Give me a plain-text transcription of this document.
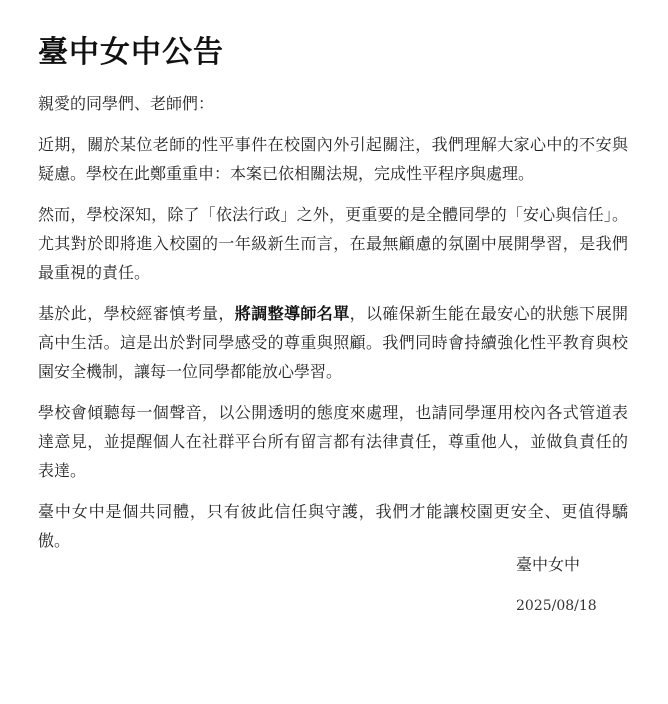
臺中女中公告

親愛的同學們、老師們：

近期，關於某位老師的性平事件在校園內外引起關注，我們理解大家心中的不安與疑慮。學校在此鄭重重申：本案已依相關法規，完成性平程序與處理。

然而，學校深知，除了「依法行政」之外，更重要的是全體同學的「安心與信任」。尤其對於即將進入校園的一年級新生而言，在最無顧慮的氛圍中展開學習，是我們最重視的責任。

基於此，學校經審慎考量，將調整導師名單，以確保新生能在最安心的狀態下展開高中生活。這是出於對同學感受的尊重與照顧。我們同時會持續強化性平教育與校園安全機制，讓每一位同學都能放心學習。

學校會傾聽每一個聲音，以公開透明的態度來處理，也請同學運用校內各式管道表達意見，並提醒個人在社群平台所有留言都有法律責任，尊重他人，並做負責任的表達。

臺中女中是個共同體，只有彼此信任與守護，我們才能讓校園更安全、更值得驕傲。

臺中女中
2025/08/18
